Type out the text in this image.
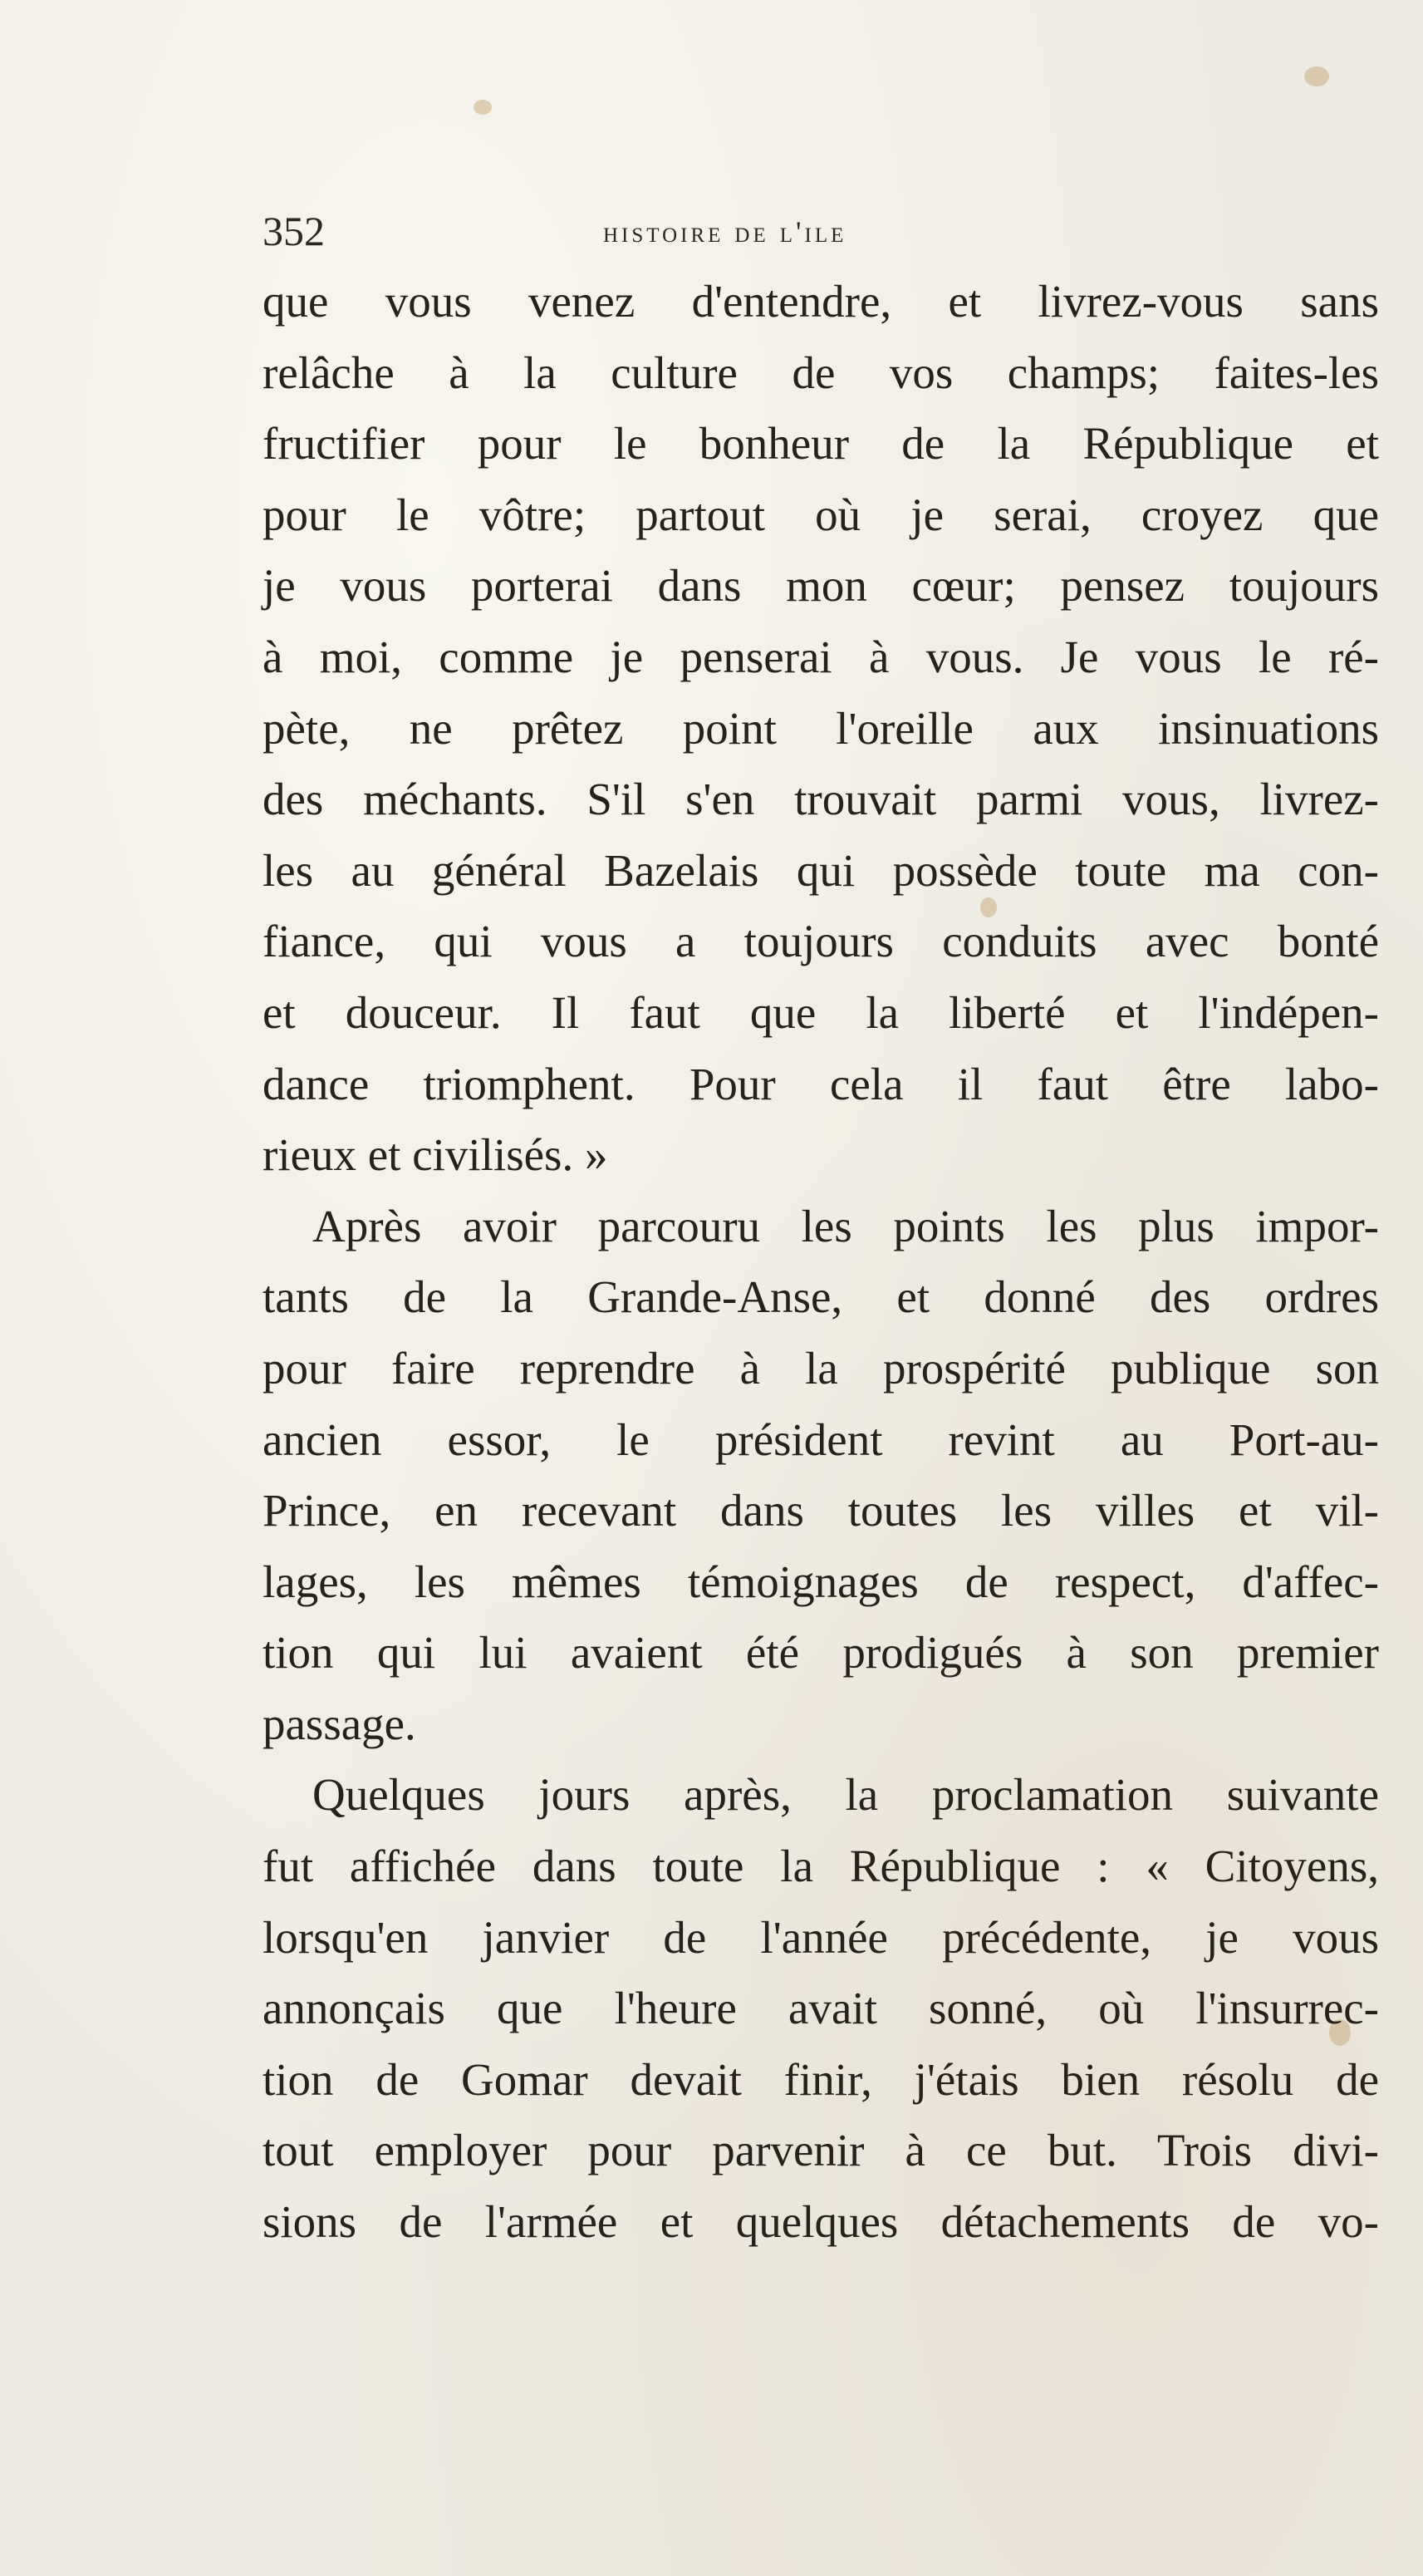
352	histoire de l'ile
que vous venez d'entendre, et livrez-vous sans
relâche à la culture de vos champs; faites-les
fructifier pour le bonheur de la République et
pour le vôtre; partout où je serai, croyez que
je vous porterai dans mon cœur; pensez toujours
à moi, comme je penserai à vous. Je vous le ré-
pète, ne prêtez point l'oreille aux insinuations
des méchants. S'il s'en trouvait parmi vous, livrez-
les au général Bazelais qui possède toute ma con-
fiance, qui vous a toujours conduits avec bonté
et douceur. Il faut que la liberté et l'indépen-
dance triomphent. Pour cela il faut être labo-
rieux et civilisés. »
Après avoir parcouru les points les plus impor-
tants de la Grande-Anse, et donné des ordres
pour faire reprendre à la prospérité publique son
ancien essor, le président revint au Port-au-
Prince, en recevant dans toutes les villes et vil-
lages, les mêmes témoignages de respect, d'affec-
tion qui lui avaient été prodigués à son premier
passage.
Quelques jours après, la proclamation suivante
fut affichée dans toute la République : « Citoyens,
lorsqu'en janvier de l'année précédente, je vous
annonçais que l'heure avait sonné, où l'insurrec-
tion de Gomar devait finir, j'étais bien résolu de
tout employer pour parvenir à ce but. Trois divi-
sions de l'armée et quelques détachements de vo-
